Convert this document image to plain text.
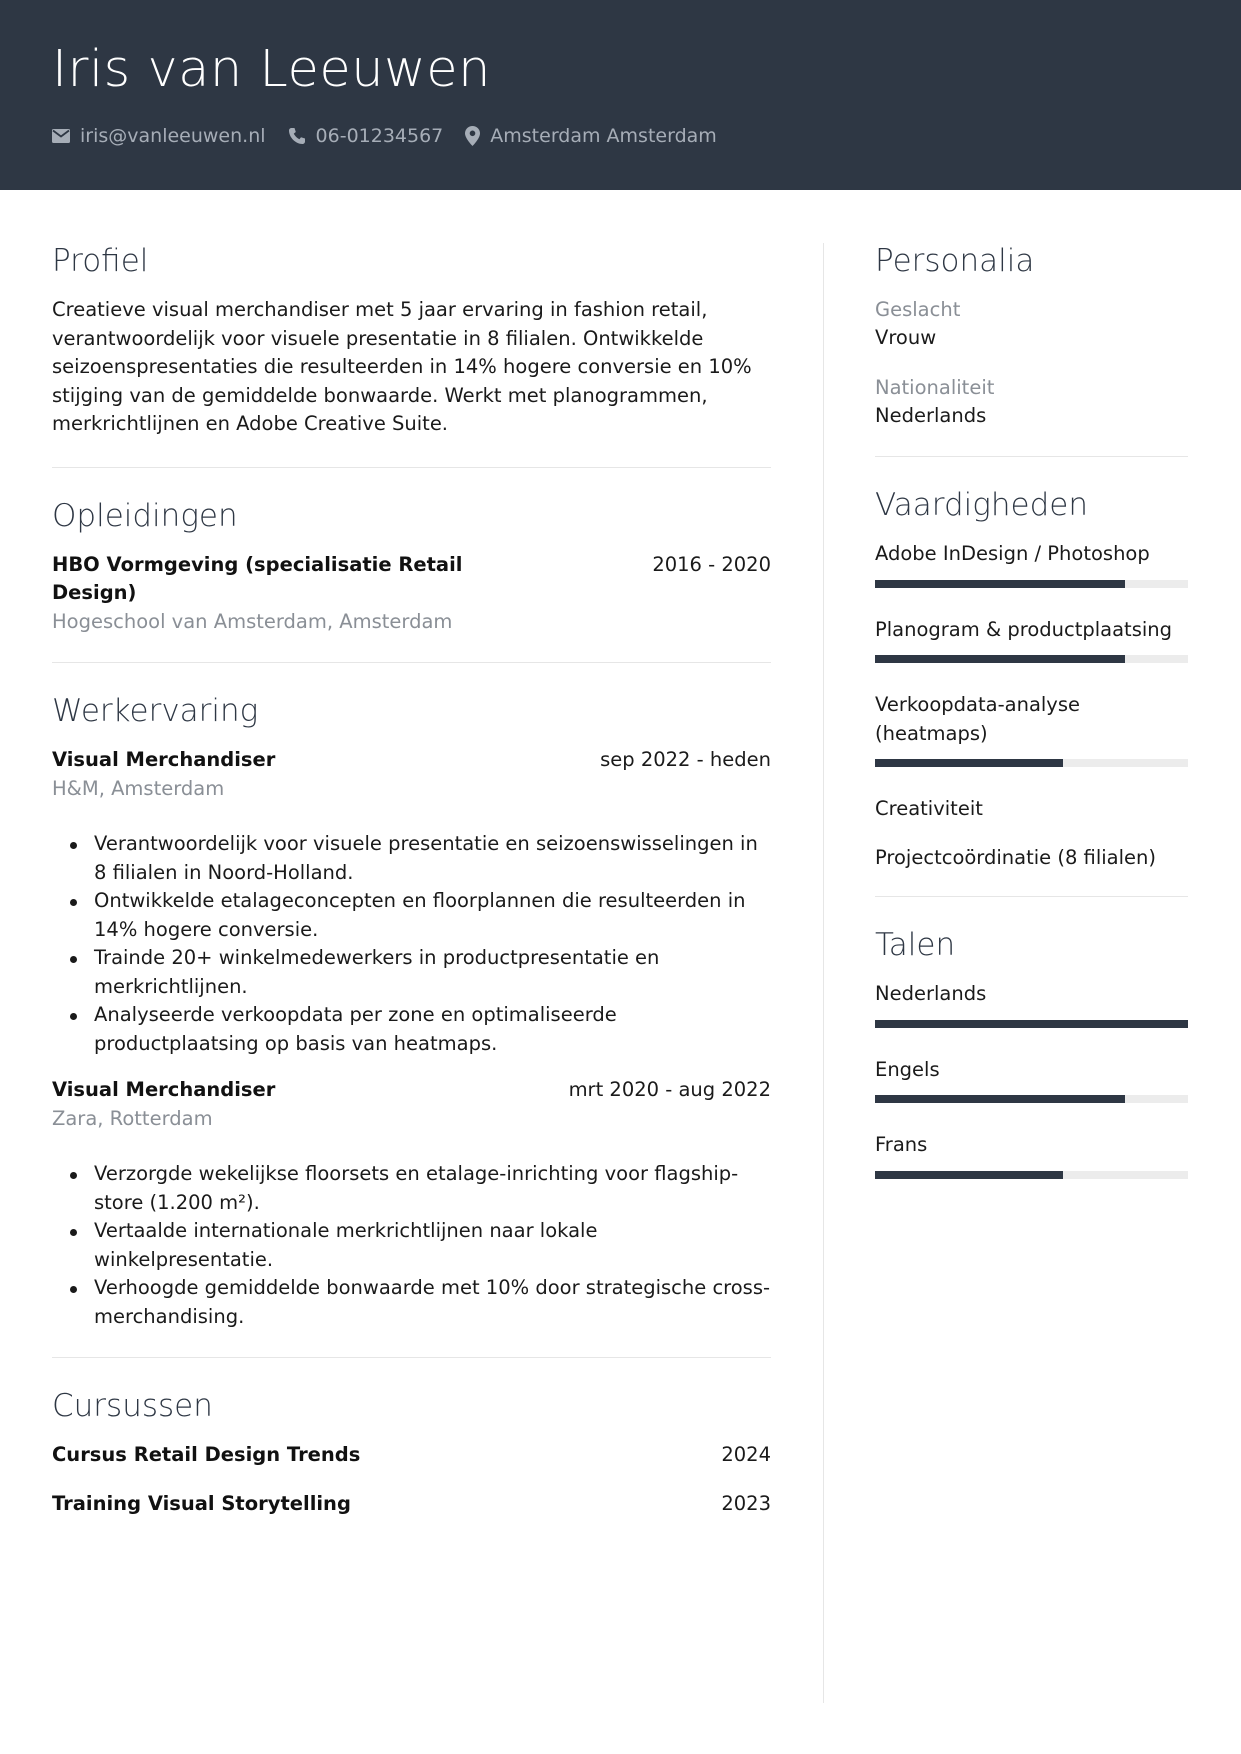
Iris van Leeuwen
iris@vanleeuwen.nl	06-01234567 Amsterdam Amsterdam
Profiel

Creatieve visual merchandiser met 5 jaar ervaring in fashion retail, verantwoordelijk voor visuele presentatie in 8 filialen. Ontwikkelde seizoenspresentaties die resulteerden in 14% hogere conversie en 10% stijging van de gemiddelde bonwaarde. Werkt met planogrammen, merkrichtlijnen en Adobe Creative Suite.

Opleidingen
HBO Vormgeving (specialisatie Retail Design)
2016 - 2020
Hogeschool van Amsterdam, Amsterdam
Werkervaring
Visual Merchandiser	sep 2022 - heden
H&M, Amsterdam
Verantwoordelijk voor visuele presentatie en seizoenswisselingen in 8 filialen in Noord-Holland.
Ontwikkelde etalageconcepten en floorplannen die resulteerden in 14% hogere conversie.
Trainde 20+ winkelmedewerkers in productpresentatie en merkrichtlijnen.
Analyseerde verkoopdata per zone en optimaliseerde productplaatsing op basis van heatmaps.
Visual Merchandiser	mrt 2020 - aug 2022
Zara, Rotterdam
Verzorgde wekelijkse floorsets en etalage-inrichting voor flagship-store (1.200 m²).
Vertaalde internationale merkrichtlijnen naar lokale winkelpresentatie.
Verhoogde gemiddelde bonwaarde met 10% door strategische cross-merchandising.
Cursussen
Cursus Retail Design Trends	2024
Training Visual Storytelling	2023
Personalia
Geslacht
Vrouw
Nationaliteit
Nederlands
Vaardigheden
Adobe InDesign / Photoshop
Planogram & productplaatsing
Verkoopdata-analyse (heatmaps)
Creativiteit
Projectcoördinatie (8 filialen)
Talen
Nederlands
Engels
Frans
